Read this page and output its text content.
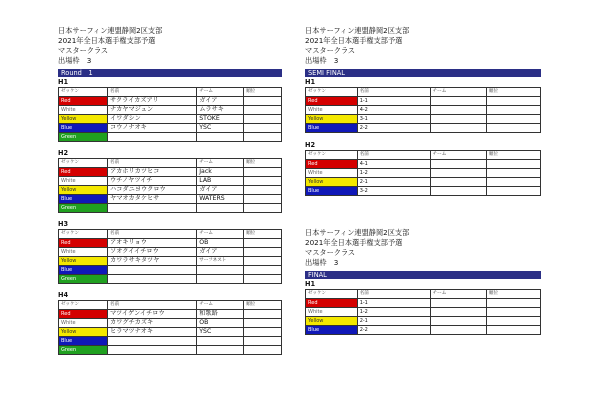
日本サーフィン連盟静岡2区支部
2021年全日本選手権支部予選
マスタークラス
出場枠　3
Round　1
H1
ゼッケン	名前	チーム	順位
Red	サクライカズアリ	ガイア	
White	ナカヤマジュン	ムラサキ	
Yellow	イワダシン	STOKE	
Blue	コウノナオキ	YSC	
Green			
H2
ゼッケン	名前	チーム	順位
Red	アカホリカツヒコ	Jack	
White	ウチノヤツイチ	LAB	
Yellow	ハコダニヨウクロウ	ガイア	
Blue	ヤマオカタケヒサ	WATERS	
Green			
H3
ゼッケン	名前	チーム	順位
Red	アオキリョウ	OB	
White	ソオクイイチロウ	ガイア	
Yellow	カワラサキタツヤ	サーフネスト	
Blue			
Green			
H4
ゼッケン	名前	チーム	順位
Red	マツイゲンイチロウ	和歌路	
White	カワグチカズキ	OB	
Yellow	ヒラマツナオキ	YSC	
Blue			
Green			
日本サーフィン連盟静岡2区支部
2021年全日本選手権支部予選
マスタークラス
出場枠　3
SEMI FINAL
H1
ゼッケン	名前	チーム	順位
Red	1-1		
White	4-2		
Yellow	3-1		
Blue	2-2		
H2
ゼッケン	名前	チーム	順位
Red	4-1		
White	1-2		
Yellow	2-1		
Blue	3-2		
日本サーフィン連盟静岡2区支部
2021年全日本選手権支部予選
マスタークラス
出場枠　3
FINAL
H1
ゼッケン	名前	チーム	順位
Red	1-1		
White	1-2		
Yellow	2-1		
Blue	2-2		
